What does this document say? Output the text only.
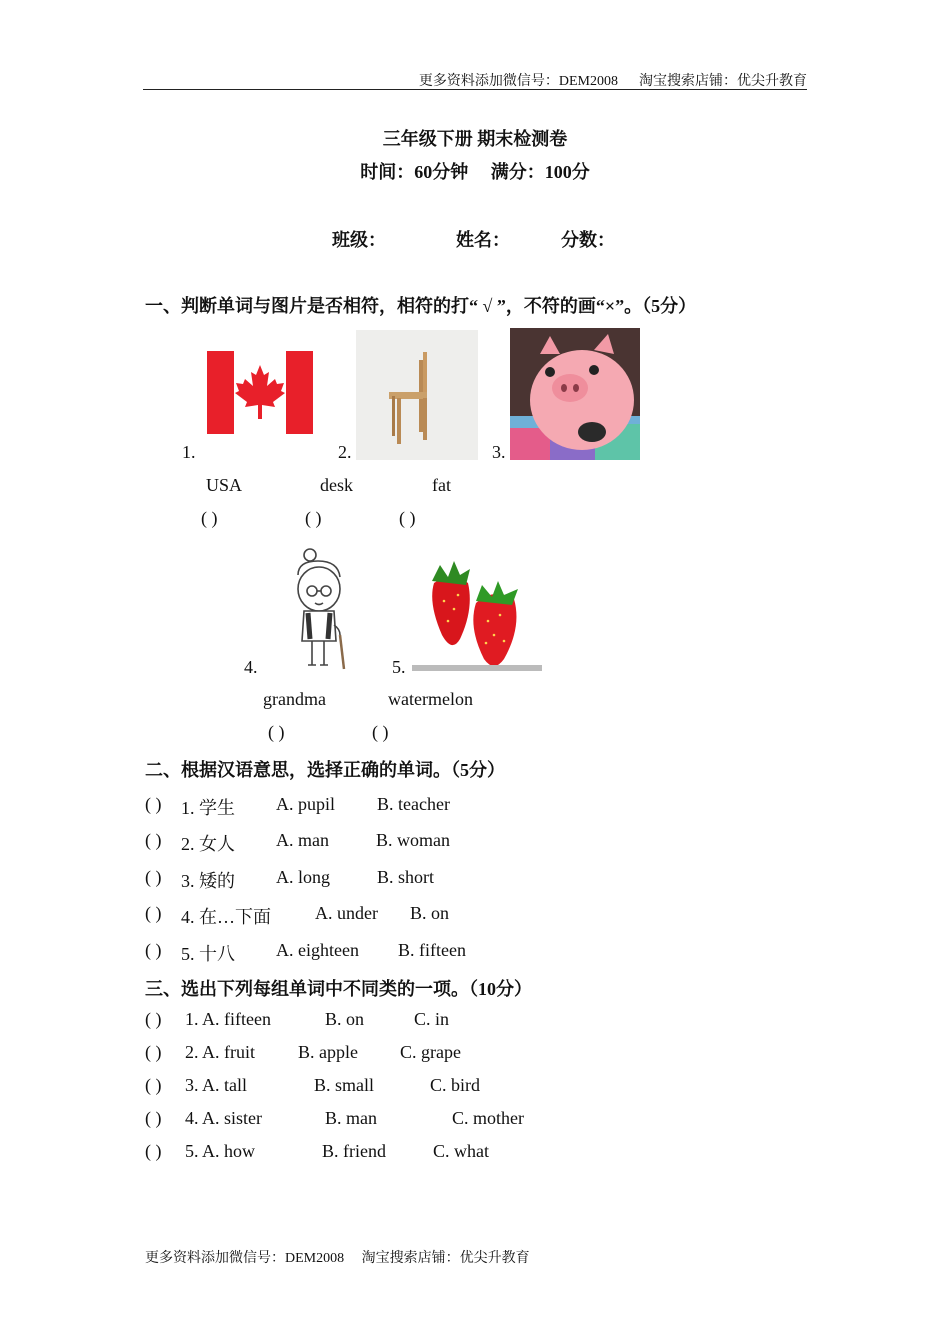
更多资料添加微信号：DEM2008 淘宝搜索店铺：优尖升教育
三年级下册 期末检测卷
时间：60分钟 满分：100分
班级：	姓名：	分数：
一、判断单词与图片是否相符，相符的打“ √ ”，不符的画“×”。（5分）
1.	2.	3.
USA	desk	fat
( )	( )	( )
4.	5.
grandma	watermelon
( )	( )
二、根据汉语意思，选择正确的单词。（5分）
( ) 1. 学生 A. pupil B. teacher
( ) 2. 女人 A. man	B. woman
( ) 3. 矮的 A. long	B. short
( ) 4. 在…下面 A. under B. on
( ) 5. 十八 A. eighteen B. fifteen
三、选出下列每组单词中不同类的一项。（10分）
( ) 1. A. fifteen	B. on	C. in
( ) 2. A. fruit B. apple C. grape
( ) 3. A. tall	B. small	C. bird
( ) 4. A. sister	B. man	C. mother
( ) 5. A. how	B. friend	C. what
更多资料添加微信号：DEM2008 淘宝搜索店铺：优尖升教育
